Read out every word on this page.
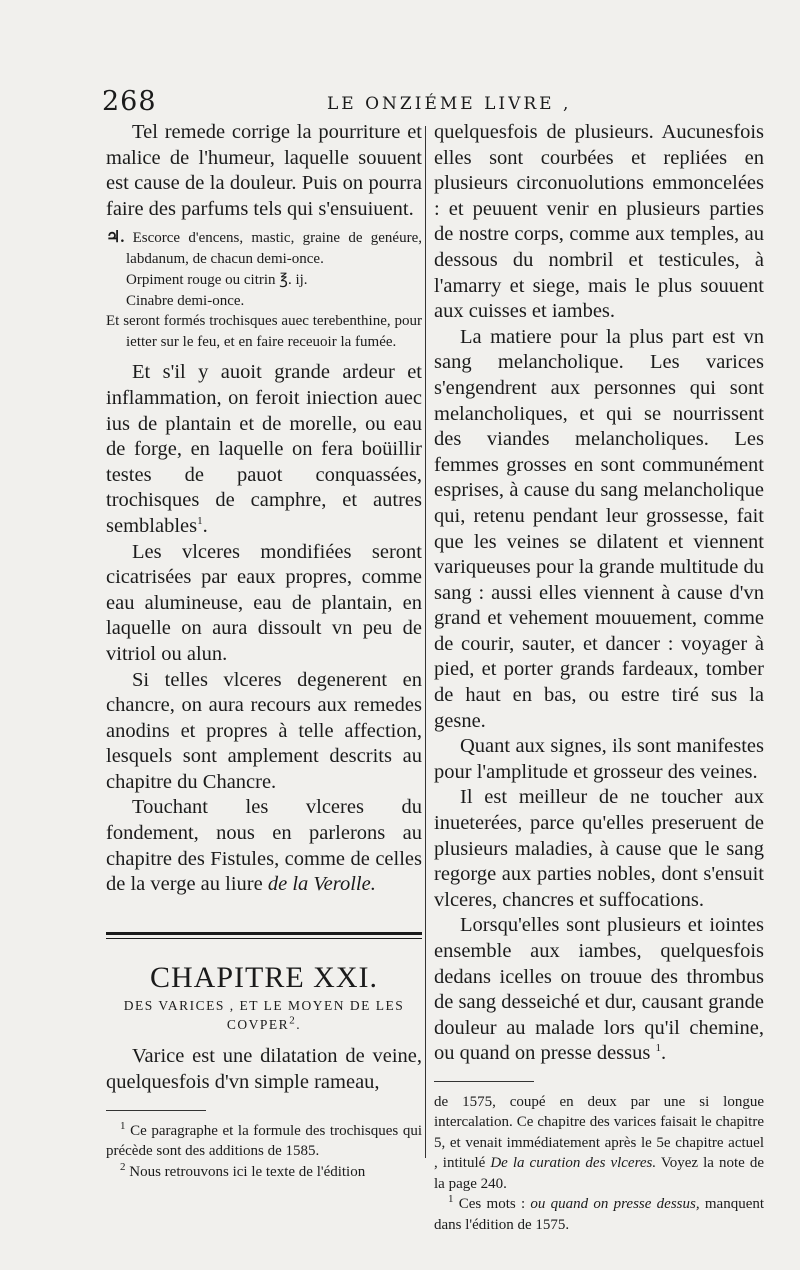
268	LE ONZIÉME LIVRE ,

Tel remede corrige la pourriture et malice de l'humeur, laquelle souuent est cause de la douleur. Puis on pourra faire des parfums tels qui s'ensuiuent.

♃. Escorce d'encens, mastic, graine de genéure, labdanum, de chacun demi-once.
Orpiment rouge ou citrin ℥. ij.
Cinabre demi-once.
Et seront formés trochisques auec terebenthine, pour ietter sur le feu, et en faire receuoir la fumée.

Et s'il y auoit grande ardeur et inflammation, on feroit iniection auec ius de plantain et de morelle, ou eau de forge, en laquelle on fera boüillir testes de pauot conquassées, trochisques de camphre, et autres semblables$^1$.

Les vlceres mondifiées seront cicatrisées par eaux propres, comme eau alumineuse, eau de plantain, en laquelle on aura dissoult vn peu de vitriol ou alun.

Si telles vlceres degenerent en chancre, on aura recours aux remedes anodins et propres à telle affection, lesquels sont amplement descrits au chapitre du Chancre.

Touchant les vlceres du fondement, nous en parlerons au chapitre des Fistules, comme de celles de la verge au liure de la Verolle.

CHAPITRE XXI.
DES VARICES , ET LE MOYEN DE LES COVPER$^2$.

Varice est une dilatation de veine, quelquesfois d'vn simple rameau,

$^1$ Ce paragraphe et la formule des trochisques qui précède sont des additions de 1585.

$^2$ Nous retrouvons ici le texte de l'édition

quelquesfois de plusieurs. Aucunesfois elles sont courbées et repliées en plusieurs circonuolutions emmoncelées : et peuuent venir en plusieurs parties de nostre corps, comme aux temples, au dessous du nombril et testicules, à l'amarry et siege, mais le plus souuent aux cuisses et iambes.

La matiere pour la plus part est vn sang melancholique. Les varices s'engendrent aux personnes qui sont melancholiques, et qui se nourrissent des viandes melancholiques. Les femmes grosses en sont communément esprises, à cause du sang melancholique qui, retenu pendant leur grossesse, fait que les veines se dilatent et viennent variqueuses pour la grande multitude du sang : aussi elles viennent à cause d'vn grand et vehement mouuement, comme de courir, sauter, et dancer : voyager à pied, et porter grands fardeaux, tomber de haut en bas, ou estre tiré sus la gesne.

Quant aux signes, ils sont manifestes pour l'amplitude et grosseur des veines.

Il est meilleur de ne toucher aux inueterées, parce qu'elles preseruent de plusieurs maladies, à cause que le sang regorge aux parties nobles, dont s'ensuit vlceres, chancres et suffocations.

Lorsqu'elles sont plusieurs et iointes ensemble aux iambes, quelquesfois dedans icelles on trouue des thrombus de sang desseiché et dur, causant grande douleur au malade lors qu'il chemine, ou quand on presse dessus $^1$.

de 1575, coupé en deux par une si longue intercalation. Ce chapitre des varices faisait le chapitre 5, et venait immédiatement après le 5e chapitre actuel , intitulé De la curation des vlceres. Voyez la note de la page 240.

$^1$ Ces mots : ou quand on presse dessus, manquent dans l'édition de 1575.
